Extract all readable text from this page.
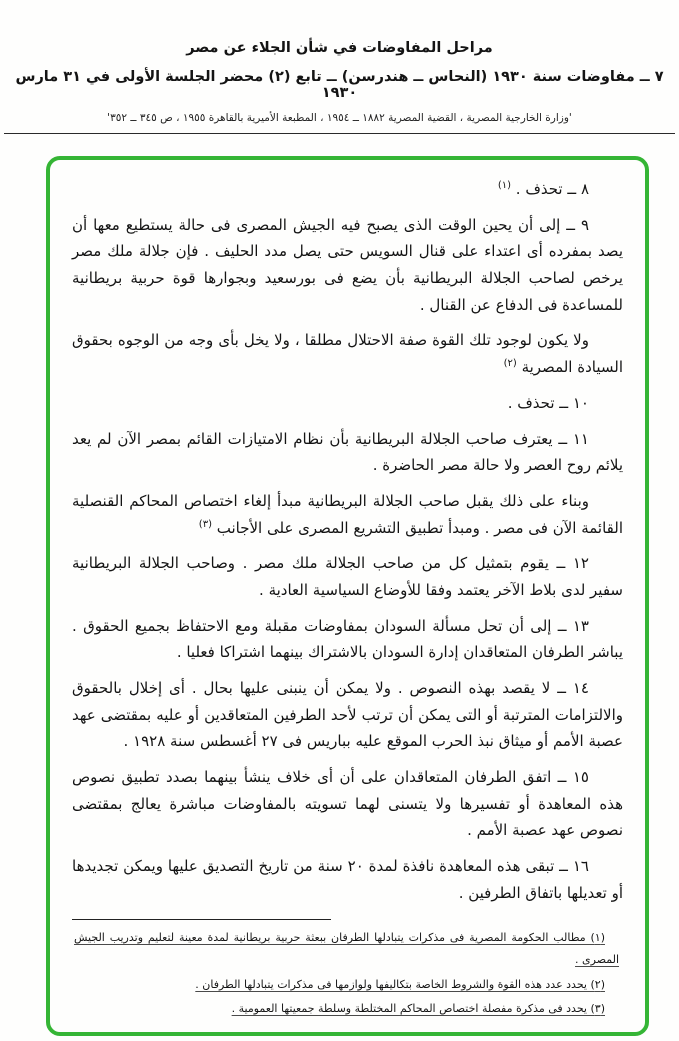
مراحل المفاوضات في شأن الجلاء عن مصر
٧ ــ مفاوضات سنة ١٩٣٠ (النحاس ــ هندرسن) ــ تابع (٢) محضر الجلسة الأولى في ٣١ مارس ١٩٣٠
'وزارة الخارجية المصرية ، القضية المصرية ١٨٨٢ ــ ١٩٥٤ ، المطبعة الأميرية بالقاهرة ١٩٥٥ ، ص ٣٤٥ ــ ٣٥٢'

٨ ــ تحذف . $^{(١)}$

٩ ــ إلى أن يحين الوقت الذى يصبح فيه الجيش المصرى فى حالة يستطيع معها أن يصد بمفرده أى اعتداء على قنال السويس حتى يصل مدد الحليف . فإن جلالة ملك مصر يرخص لصاحب الجلالة البريطانية بأن يضع فى بورسعيد وبجوارها قوة حربية بريطانية للمساعدة فى الدفاع عن القنال .

ولا يكون لوجود تلك القوة صفة الاحتلال مطلقا ، ولا يخل بأى وجه من الوجوه بحقوق السيادة المصرية $^{(٢)}$

١٠ ــ تحذف .

١١ ــ يعترف صاحب الجلالة البريطانية بأن نظام الامتيازات القائم بمصر الآن لم يعد يلائم روح العصر ولا حالة مصر الحاضرة .

وبناء على ذلك يقبل صاحب الجلالة البريطانية مبدأ إلغاء اختصاص المحاكم القنصلية القائمة الآن فى مصر . ومبدأ تطبيق التشريع المصرى على الأجانب $^{(٣)}$

١٢ ــ يقوم بتمثيل كل من صاحب الجلالة ملك مصر . وصاحب الجلالة البريطانية سفير لدى بلاط الآخر يعتمد وفقا للأوضاع السياسية العادية .

١٣ ــ إلى أن تحل مسألة السودان بمفاوضات مقبلة ومع الاحتفاظ بجميع الحقوق . يباشر الطرفان المتعاقدان إدارة السودان بالاشتراك بينهما اشتراكا فعليا .

١٤ ــ لا يقصد بهذه النصوص . ولا يمكن أن ينبنى عليها بحال . أى إخلال بالحقوق والالتزامات المترتبة أو التى يمكن أن ترتب لأحد الطرفين المتعاقدين أو عليه بمقتضى عهد عصبة الأمم أو ميثاق نبذ الحرب الموقع عليه بباريس فى ٢٧ أغسطس سنة ١٩٢٨ .

١٥ ــ اتفق الطرفان المتعاقدان على أن أى خلاف ينشأ بينهما بصدد تطبيق نصوص هذه المعاهدة أو تفسيرها ولا يتسنى لهما تسويته بالمفاوضات مباشرة يعالج بمقتضى نصوص عهد عصبة الأمم .

١٦ ــ تبقى هذه المعاهدة نافذة لمدة ٢٠ سنة من تاريخ التصديق عليها ويمكن تجديدها أو تعديلها باتفاق الطرفين .

(١) مطالب الحكومة المصرية فى مذكرات يتبادلها الطرفان ببعثة حربية بريطانية لمدة معينة لتعليم وتدريب الجيش المصرى .

(٢) يحدد عدد هذه القوة والشروط الخاصة بتكاليفها ولوازمها فى مذكرات يتبادلها الطرفان .

(٣) يحدد فى مذكرة مفصلة اختصاص المحاكم المختلطة وسلطة جمعيتها العمومية .
